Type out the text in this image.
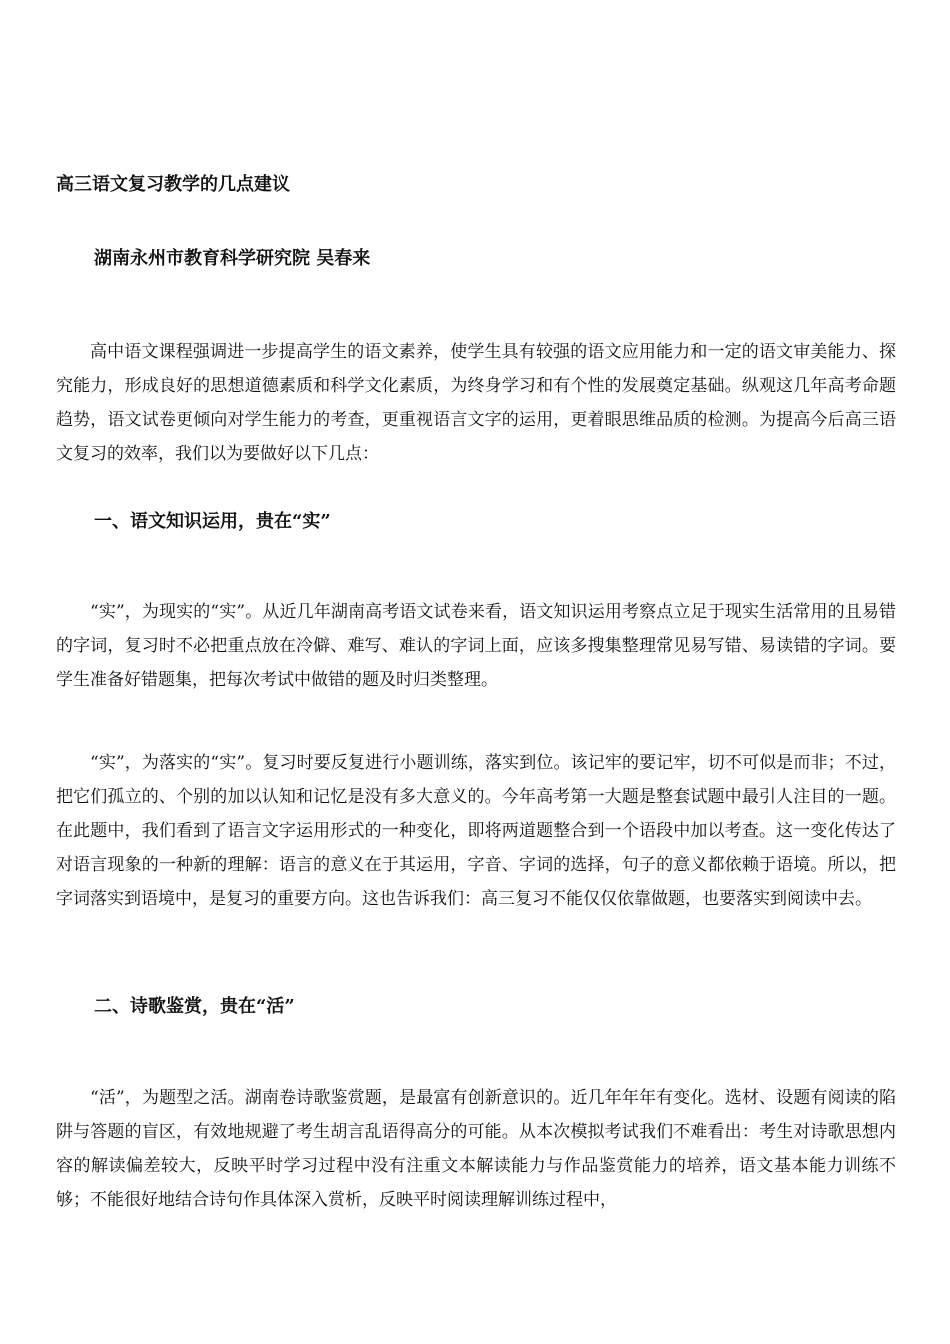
高三语文复习教学的几点建议
湖南永州市教育科学研究院 吴春来

高中语文课程强调进一步提高学生的语文素养，使学生具有较强的语文应用能力和一定的语文审美能力、探究能力，形成良好的思想道德素质和科学文化素质，为终身学习和有个性的发展奠定基础。纵观这几年高考命题趋势，语文试卷更倾向对学生能力的考查，更重视语言文字的运用，更着眼思维品质的检测。为提高今后高三语文复习的效率，我们以为要做好以下几点：

一、语文知识运用，贵在“实”

“实”，为现实的“实”。从近几年湖南高考语文试卷来看，语文知识运用考察点立足于现实生活常用的且易错的字词，复习时不必把重点放在冷僻、难写、难认的字词上面，应该多搜集整理常见易写错、易读错的字词。要学生准备好错题集，把每次考试中做错的题及时归类整理。

“实”，为落实的“实”。复习时要反复进行小题训练，落实到位。该记牢的要记牢，切不可似是而非；不过，把它们孤立的、个别的加以认知和记忆是没有多大意义的。今年高考第一大题是整套试题中最引人注目的一题。在此题中，我们看到了语言文字运用形式的一种变化，即将两道题整合到一个语段中加以考查。这一变化传达了对语言现象的一种新的理解：语言的意义在于其运用，字音、字词的选择，句子的意义都依赖于语境。所以，把字词落实到语境中，是复习的重要方向。这也告诉我们：高三复习不能仅仅依靠做题，也要落实到阅读中去。

二、诗歌鉴赏，贵在“活”

“活”，为题型之活。湖南卷诗歌鉴赏题，是最富有创新意识的。近几年年年有变化。选材、设题有阅读的陷阱与答题的盲区，有效地规避了考生胡言乱语得高分的可能。从本次模拟考试我们不难看出：考生对诗歌思想内容的解读偏差较大，反映平时学习过程中没有注重文本解读能力与作品鉴赏能力的培养，语文基本能力训练不够；不能很好地结合诗句作具体深入赏析，反映平时阅读理解训练过程中，
